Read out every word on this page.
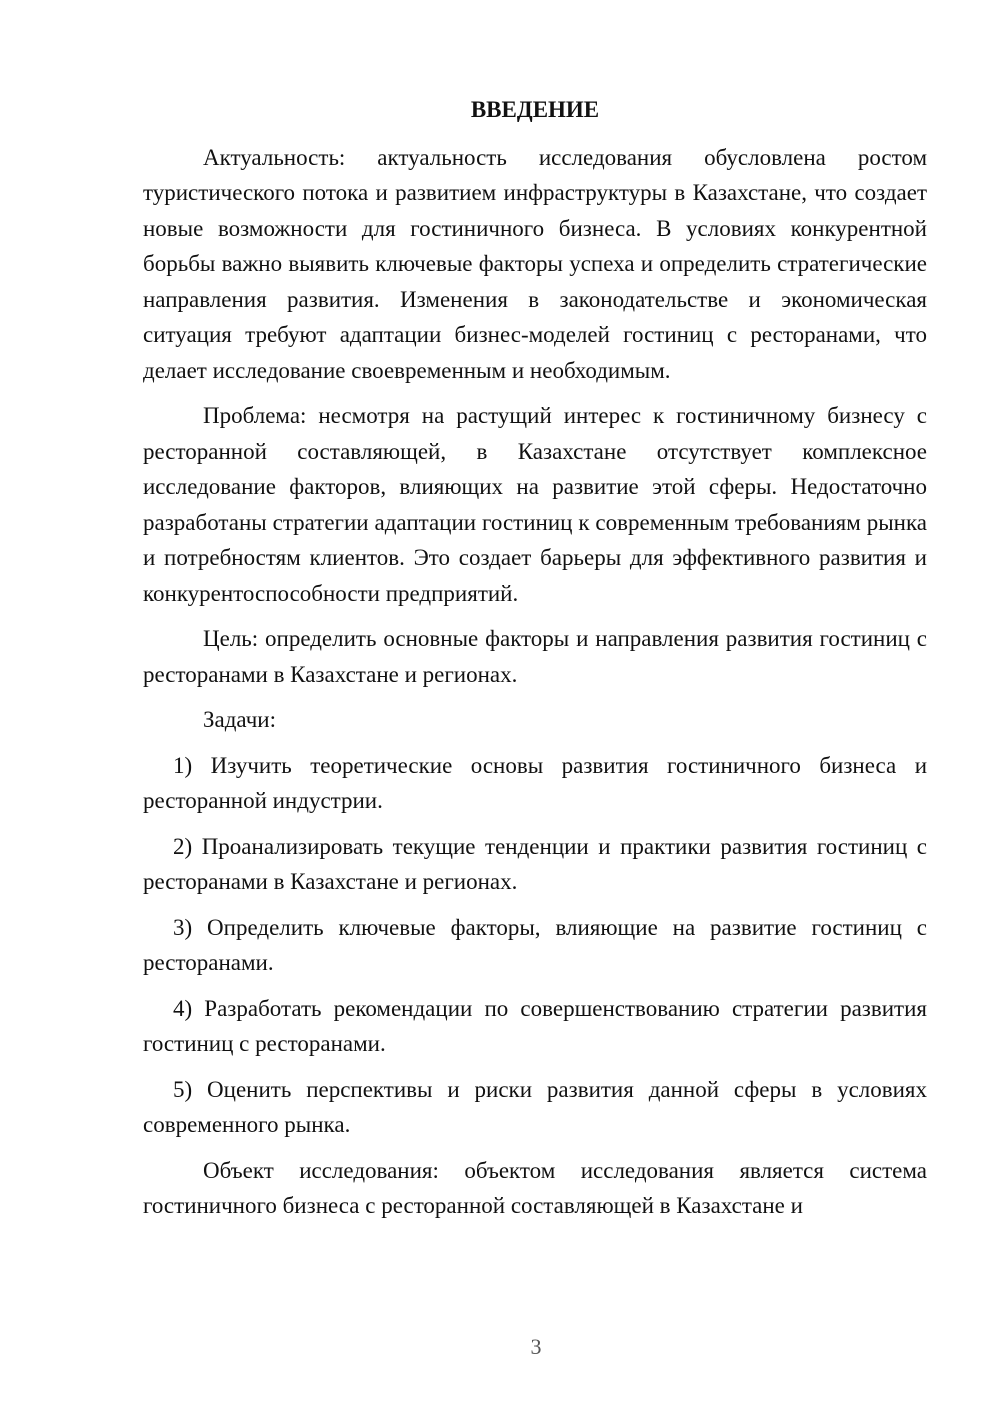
ВВЕДЕНИЕ

Актуальность: актуальность исследования обусловлена ростом туристического потока и развитием инфраструктуры в Казахстане, что создает новые возможности для гостиничного бизнеса. В условиях конкурентной борьбы важно выявить ключевые факторы успеха и определить стратегические направления развития. Изменения в законодательстве и экономическая ситуация требуют адаптации бизнес-моделей гостиниц с ресторанами, что делает исследование своевременным и необходимым.

Проблема: несмотря на растущий интерес к гостиничному бизнесу с ресторанной составляющей, в Казахстане отсутствует комплексное исследование факторов, влияющих на развитие этой сферы. Недостаточно разработаны стратегии адаптации гостиниц к современным требованиям рынка и потребностям клиентов. Это создает барьеры для эффективного развития и конкурентоспособности предприятий.

Цель: определить основные факторы и направления развития гостиниц с ресторанами в Казахстане и регионах.

Задачи:

1) Изучить теоретические основы развития гостиничного бизнеса и ресторанной индустрии.

2) Проанализировать текущие тенденции и практики развития гостиниц с ресторанами в Казахстане и регионах.

3) Определить ключевые факторы, влияющие на развитие гостиниц с ресторанами.

4) Разработать рекомендации по совершенствованию стратегии развития гостиниц с ресторанами.

5) Оценить перспективы и риски развития данной сферы в условиях современного рынка.

Объект исследования: объектом исследования является система гостиничного бизнеса с ресторанной составляющей в Казахстане и

3
